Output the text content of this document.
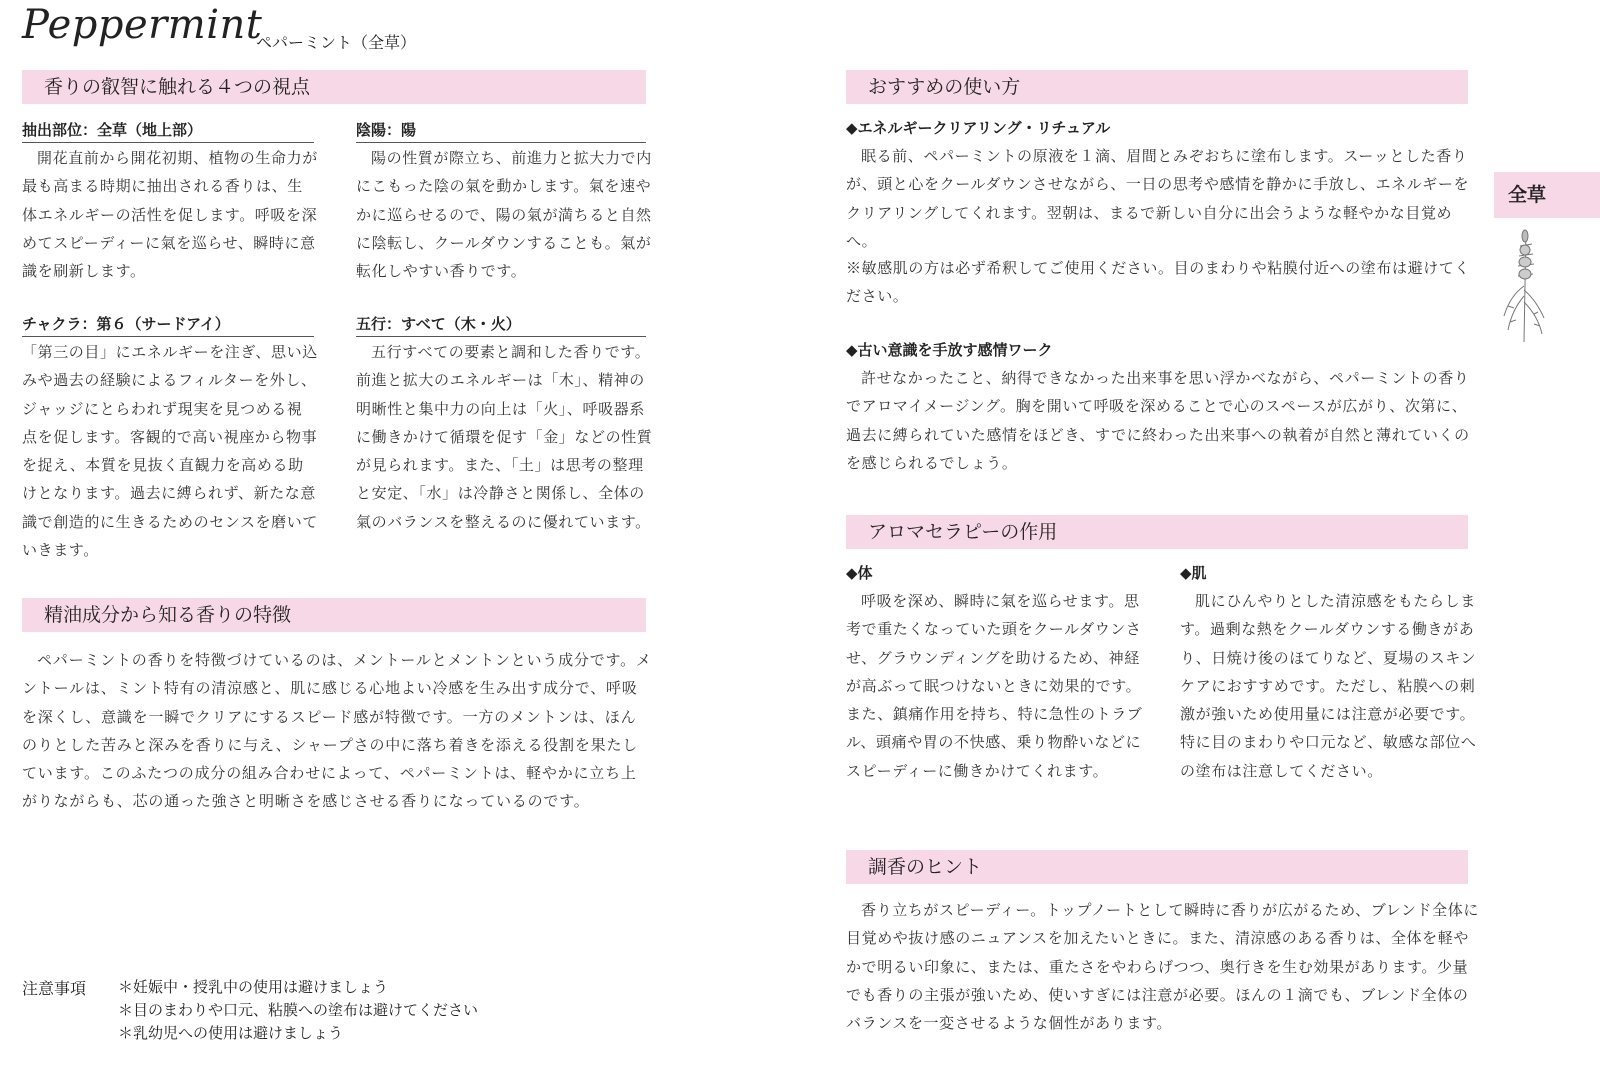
Peppermint
ペパーミント（全草）
香りの叡智に触れる４つの視点
抽出部位：全草（地上部）

開花直前から開花初期、植物の生命力が最も高まる時期に抽出される香りは、生体エネルギーの活性を促します。呼吸を深めてスピーディーに氣を巡らせ、瞬時に意識を刷新します。

陰陽：陽

陽の性質が際立ち、前進力と拡大力で内にこもった陰の氣を動かします。氣を速やかに巡らせるので、陽の氣が満ちると自然に陰転し、クールダウンすることも。氣が転化しやすい香りです。

チャクラ：第６（サードアイ）

「第三の目」にエネルギーを注ぎ、思い込みや過去の経験によるフィルターを外し、ジャッジにとらわれず現実を見つめる視点を促します。客観的で高い視座から物事を捉え、本質を見抜く直観力を高める助けとなります。過去に縛られず、新たな意識で創造的に生きるためのセンスを磨いていきます。

五行：すべて（木・火）

五行すべての要素と調和した香りです。前進と拡大のエネルギーは「木」、精神の明晰性と集中力の向上は「火」、呼吸器系に働きかけて循環を促す「金」などの性質が見られます。また、「土」は思考の整理と安定、「水」は冷静さと関係し、全体の氣のバランスを整えるのに優れています。

精油成分から知る香りの特徴

ペパーミントの香りを特徴づけているのは、メントールとメントンという成分です。メントールは、ミント特有の清涼感と、肌に感じる心地よい冷感を生み出す成分で、呼吸を深くし、意識を一瞬でクリアにするスピード感が特徴です。一方のメントンは、ほんのりとした苦みと深みを香りに与え、シャープさの中に落ち着きを添える役割を果たしています。このふたつの成分の組み合わせによって、ペパーミントは、軽やかに立ち上がりながらも、芯の通った強さと明晰さを感じさせる香りになっているのです。

注意事項 ＊妊娠中・授乳中の使用は避けましょう
＊目のまわりや口元、粘膜への塗布は避けてください
＊乳幼児への使用は避けましょう
おすすめの使い方
◆エネルギークリアリング・リチュアル

眠る前、ペパーミントの原液を１滴、眉間とみぞおちに塗布します。スーッとした香りが、頭と心をクールダウンさせながら、一日の思考や感情を静かに手放し、エネルギーをクリアリングしてくれます。翌朝は、まるで新しい自分に出会うような軽やかな目覚めへ。

※敏感肌の方は必ず希釈してご使用ください。目のまわりや粘膜付近への塗布は避けてください。

◆古い意識を手放す感情ワーク

許せなかったこと、納得できなかった出来事を思い浮かべながら、ペパーミントの香りでアロマイメージング。胸を開いて呼吸を深めることで心のスペースが広がり、次第に、過去に縛られていた感情をほどき、すでに終わった出来事への執着が自然と薄れていくのを感じられるでしょう。

アロマセラピーの作用
◆体

呼吸を深め、瞬時に氣を巡らせます。思考で重たくなっていた頭をクールダウンさせ、グラウンディングを助けるため、神経が高ぶって眠つけないときに効果的です。また、鎮痛作用を持ち、特に急性のトラブル、頭痛や胃の不快感、乗り物酔いなどにスピーディーに働きかけてくれます。

◆肌

肌にひんやりとした清涼感をもたらします。過剰な熱をクールダウンする働きがあり、日焼け後のほてりなど、夏場のスキンケアにおすすめです。ただし、粘膜への刺激が強いため使用量には注意が必要です。特に目のまわりや口元など、敏感な部位への塗布は注意してください。

調香のヒント

香り立ちがスピーディー。トップノートとして瞬時に香りが広がるため、ブレンド全体に目覚めや抜け感のニュアンスを加えたいときに。また、清涼感のある香りは、全体を軽やかで明るい印象に、または、重たさをやわらげつつ、奥行きを生む効果があります。少量でも香りの主張が強いため、使いすぎには注意が必要。ほんの１滴でも、ブレンド全体のバランスを一変させるような個性があります。

全草
